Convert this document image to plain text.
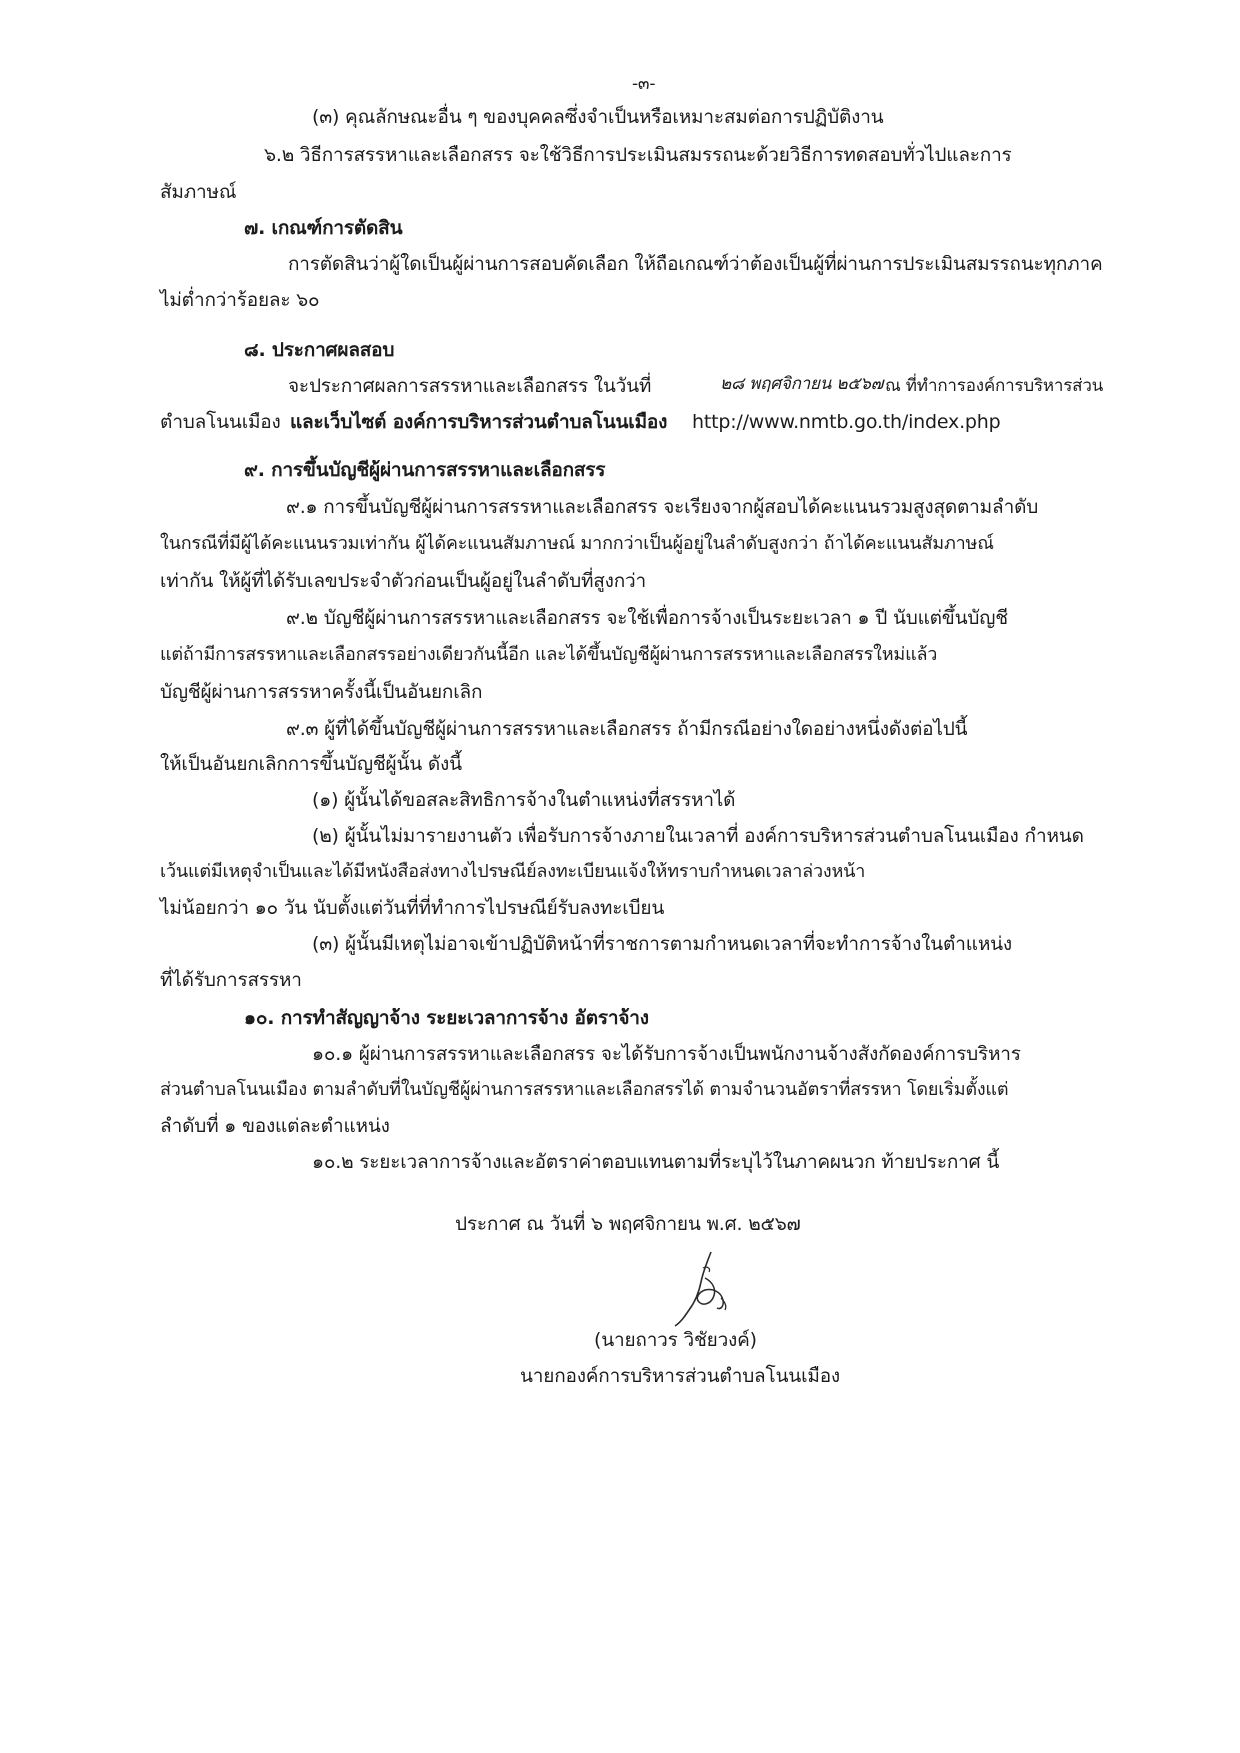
-๓-
(๓) คุณลักษณะอื่น ๆ ของบุคคลซึ่งจำเป็นหรือเหมาะสมต่อการปฏิบัติงาน
๖.๒ วิธีการสรรหาและเลือกสรร จะใช้วิธีการประเมินสมรรถนะด้วยวิธีการทดสอบทั่วไปและการ
สัมภาษณ์
๗. เกณฑ์การตัดสิน
การตัดสินว่าผู้ใดเป็นผู้ผ่านการสอบคัดเลือก ให้ถือเกณฑ์ว่าต้องเป็นผู้ที่ผ่านการประเมินสมรรถนะทุกภาค
ไม่ต่ำกว่าร้อยละ ๖๐
๘. ประกาศผลสอบ
จะประกาศผลการสรรหาและเลือกสรร ในวันที่	๒๘ พฤศจิกายน ๒๕๖๗ ณ ที่ทำการองค์การบริหารส่วน
ตำบลโนนเมือง และเว็บไซต์ องค์การบริหารส่วนตำบลโนนเมือง http://www.nmtb.go.th/index.php
๙. การขึ้นบัญชีผู้ผ่านการสรรหาและเลือกสรร
๙.๑ การขึ้นบัญชีผู้ผ่านการสรรหาและเลือกสรร จะเรียงจากผู้สอบได้คะแนนรวมสูงสุดตามลำดับ
ในกรณีที่มีผู้ได้คะแนนรวมเท่ากัน ผู้ได้คะแนนสัมภาษณ์ มากกว่าเป็นผู้อยู่ในลำดับสูงกว่า ถ้าได้คะแนนสัมภาษณ์
เท่ากัน ให้ผู้ที่ได้รับเลขประจำตัวก่อนเป็นผู้อยู่ในลำดับที่สูงกว่า
๙.๒ บัญชีผู้ผ่านการสรรหาและเลือกสรร จะใช้เพื่อการจ้างเป็นระยะเวลา ๑ ปี นับแต่ขึ้นบัญชี
แต่ถ้ามีการสรรหาและเลือกสรรอย่างเดียวกันนี้อีก และได้ขึ้นบัญชีผู้ผ่านการสรรหาและเลือกสรรใหม่แล้ว
บัญชีผู้ผ่านการสรรหาครั้งนี้เป็นอันยกเลิก
๙.๓ ผู้ที่ได้ขึ้นบัญชีผู้ผ่านการสรรหาและเลือกสรร ถ้ามีกรณีอย่างใดอย่างหนึ่งดังต่อไปนี้
ให้เป็นอันยกเลิกการขึ้นบัญชีผู้นั้น ดังนี้
(๑) ผู้นั้นได้ขอสละสิทธิการจ้างในตำแหน่งที่สรรหาได้
(๒) ผู้นั้นไม่มารายงานตัว เพื่อรับการจ้างภายในเวลาที่ องค์การบริหารส่วนตำบลโนนเมือง กำหนด
เว้นแต่มีเหตุจำเป็นและได้มีหนังสือส่งทางไปรษณีย์ลงทะเบียนแจ้งให้ทราบกำหนดเวลาล่วงหน้า
ไม่น้อยกว่า ๑๐ วัน นับตั้งแต่วันที่ที่ทำการไปรษณีย์รับลงทะเบียน
(๓) ผู้นั้นมีเหตุไม่อาจเข้าปฏิบัติหน้าที่ราชการตามกำหนดเวลาที่จะทำการจ้างในตำแหน่ง
ที่ได้รับการสรรหา
๑๐. การทำสัญญาจ้าง ระยะเวลาการจ้าง อัตราจ้าง
๑๐.๑ ผู้ผ่านการสรรหาและเลือกสรร จะได้รับการจ้างเป็นพนักงานจ้างสังกัดองค์การบริหาร
ส่วนตำบลโนนเมือง ตามลำดับที่ในบัญชีผู้ผ่านการสรรหาและเลือกสรรได้ ตามจำนวนอัตราที่สรรหา โดยเริ่มตั้งแต่
ลำดับที่ ๑ ของแต่ละตำแหน่ง
๑๐.๒ ระยะเวลาการจ้างและอัตราค่าตอบแทนตามที่ระบุไว้ในภาคผนวก ท้ายประกาศ นี้
ประกาศ ณ วันที่ ๖ พฤศจิกายน พ.ศ. ๒๕๖๗
(นายถาวร วิชัยวงค์)
นายกองค์การบริหารส่วนตำบลโนนเมือง
